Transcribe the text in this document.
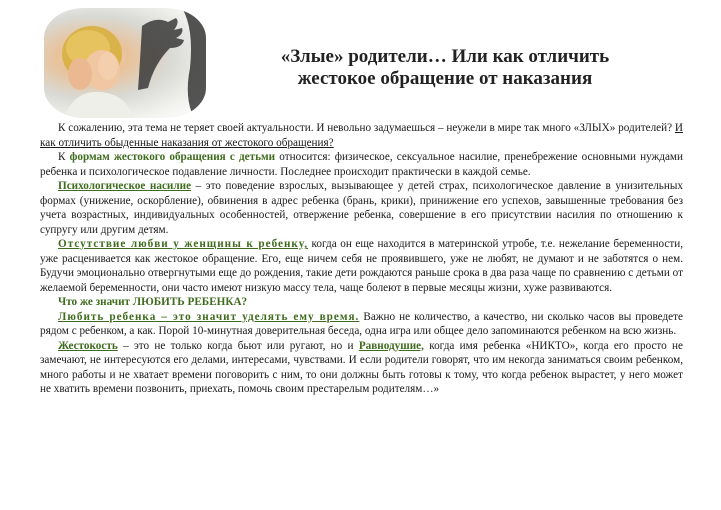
«Злые» родители… Или как отличить
жестокое обращение от наказания

К сожалению, эта тема не теряет своей актуальности. И невольно задумаешься – неужели в мире так много «ЗЛЫХ» родителей? И как отличить обыденные наказания от жестокого обращения?

К формам жестокого обращения с детьми относится: физическое, сексуальное насилие, пренебрежение основными нуждами ребенка и психологическое подавление личности. Последнее происходит практически в каждой семье.

Психологическое насилие – это поведение взрослых, вызывающее у детей страх, психологическое давление в унизительных формах (унижение, оскорбление), обвинения в адрес ребенка (брань, крики), принижение его успехов, завышенные требования без учета возрастных, индивидуальных особенностей, отвержение ребенка, совершение в его присутствии насилия по отношению к супругу или другим детям.

Отсутствие любви у женщины к ребенку, когда он еще находится в материнской утробе, т.е. нежелание беременности, уже расценивается как жестокое обращение. Его, еще ничем себя не проявившего, уже не любят, не думают и не заботятся о нем. Будучи эмоционально отвергнутыми еще до рождения, такие дети рождаются раньше срока в два раза чаще по сравнению с детьми от желаемой беременности, они часто имеют низкую массу тела, чаще болеют в первые месяцы жизни, хуже развиваются.

Что же значит ЛЮБИТЬ РЕБЕНКА?

Любить ребенка – это значит уделять ему время. Важно не количество, а качество, ни сколько часов вы проведете рядом с ребенком, а как. Порой 10-минутная доверительная беседа, одна игра или общее дело запоминаются ребенком на всю жизнь.

Жестокость – это не только когда бьют или ругают, но и Равнодушие, когда имя ребенка «НИКТО», когда его просто не замечают, не интересуются его делами, интересами, чувствами. И если родители говорят, что им некогда заниматься своим ребенком, много работы и не хватает времени поговорить с ним, то они должны быть готовы к тому, что когда ребенок вырастет, у него может не хватить времени позвонить, приехать, помочь своим престарелым родителям…»
